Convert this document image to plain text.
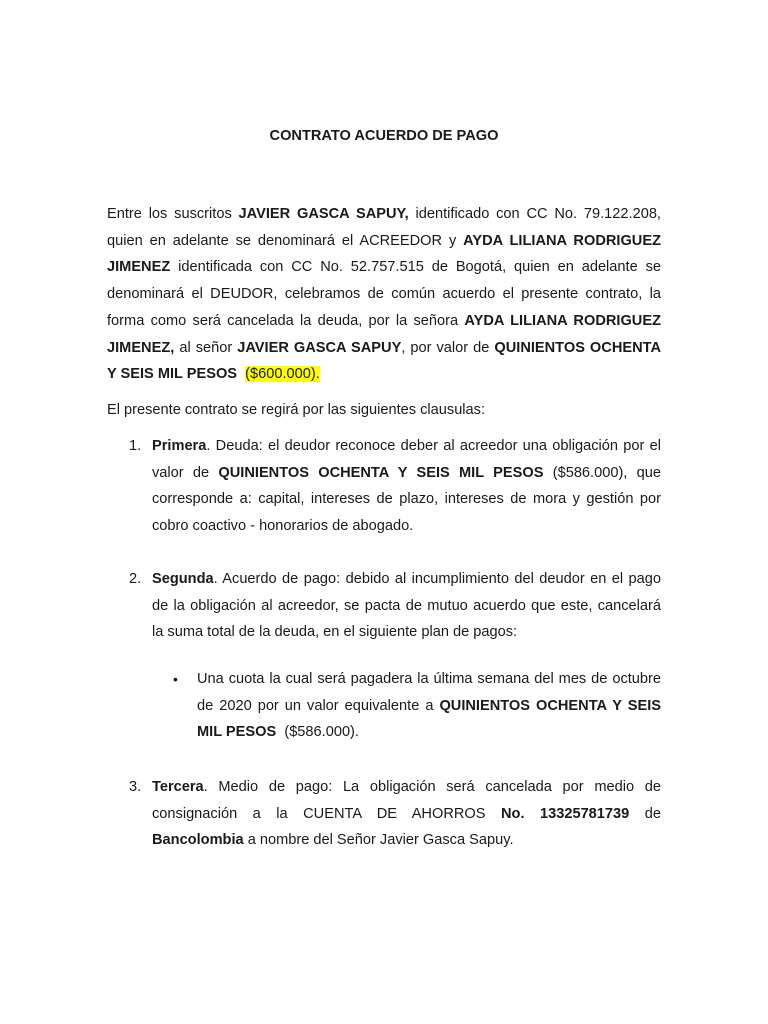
CONTRATO ACUERDO DE PAGO
Entre los suscritos JAVIER GASCA SAPUY, identificado con CC No. 79.122.208, quien en adelante se denominará el ACREEDOR y AYDA LILIANA RODRIGUEZ JIMENEZ identificada con CC No. 52.757.515 de Bogotá, quien en adelante se denominará el DEUDOR, celebramos de común acuerdo el presente contrato, la forma como será cancelada la deuda, por la señora AYDA LILIANA RODRIGUEZ JIMENEZ, al señor JAVIER GASCA SAPUY, por valor de QUINIENTOS OCHENTA Y SEIS MIL PESOS ($600.000).
El presente contrato se regirá por las siguientes clausulas:
1. Primera. Deuda: el deudor reconoce deber al acreedor una obligación por el valor de QUINIENTOS OCHENTA Y SEIS MIL PESOS ($586.000), que corresponde a: capital, intereses de plazo, intereses de mora y gestión por cobro coactivo - honorarios de abogado.
2. Segunda. Acuerdo de pago: debido al incumplimiento del deudor en el pago de la obligación al acreedor, se pacta de mutuo acuerdo que este, cancelará la suma total de la deuda, en el siguiente plan de pagos:
• Una cuota la cual será pagadera la última semana del mes de octubre de 2020 por un valor equivalente a QUINIENTOS OCHENTA Y SEIS MIL PESOS  ($586.000).
3. Tercera. Medio de pago: La obligación será cancelada por medio de consignación a la CUENTA DE AHORROS No. 13325781739 de Bancolombia a nombre del Señor Javier Gasca Sapuy.
